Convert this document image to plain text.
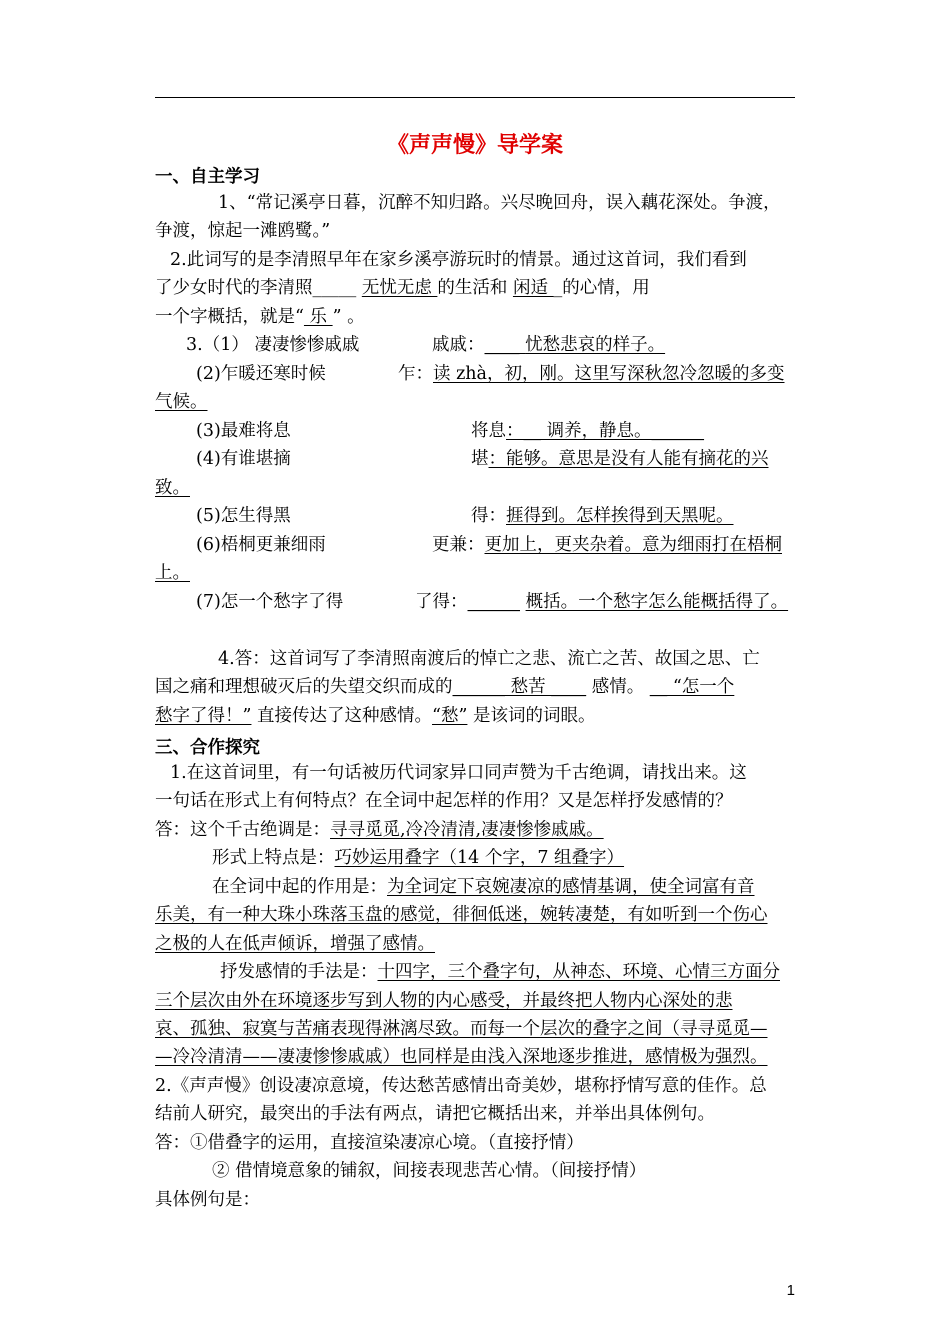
《声声慢》导学案
一、自主学习
1、“常记溪亭日暮，沉醉不知归路。兴尽晚回舟，误入藕花深处。争渡，
争渡，惊起一滩鸥鹭。”
2.此词写的是李清照早年在家乡溪亭游玩时的情景。通过这首词，我们看到
了少女时代的李清照_____ 无忧无虑 的生活和 闲适 _的心情，用
一个字概括，就是“ 乐 ” 。
3.（1） 凄凄惨惨戚戚	戚戚：____ 忧愁悲哀的样子。
(2)乍暖还寒时候	乍：读 zhà，初，刚。这里写深秋忽冷忽暖的多变
气候。
(3)最难将息	将息：__ 调养，静息。______
(4)有谁堪摘	堪：能够。意思是没有人能有摘花的兴
致。
(5)怎生得黑	得：捱得到。怎样挨得到天黑呢。
(6)梧桐更兼细雨	更兼：更加上，更夹杂着。意为细雨打在梧桐
上。
(7)怎一个愁字了得	了得：______ 概括。一个愁字怎么能概括得了。
4.答：这首词写了李清照南渡后的悼亡之悲、流亡之苦、故国之思、亡
国之痛和理想破灭后的失望交织而成的______ 愁苦 ____ 感情。 __ “怎一个
愁字了得！” 直接传达了这种感情。“愁” 是该词的词眼。
三、合作探究
1.在这首词里，有一句话被历代词家异口同声赞为千古绝调，请找出来。这
一句话在形式上有何特点？在全词中起怎样的作用？又是怎样抒发感情的？
答：这个千古绝调是：寻寻觅觅,冷冷清清,凄凄惨惨戚戚。
形式上特点是：巧妙运用叠字（14 个字，7 组叠字）
在全词中起的作用是：为全词定下哀婉凄凉的感情基调，使全词富有音
乐美，有一种大珠小珠落玉盘的感觉，徘徊低迷，婉转凄楚，有如听到一个伤心
之极的人在低声倾诉，增强了感情。
抒发感情的手法是：十四字，三个叠字句，从神态、环境、心情三方面分
三个层次由外在环境逐步写到人物的内心感受，并最终把人物内心深处的悲
哀、孤独、寂寞与苦痛表现得淋漓尽致。而每一个层次的叠字之间（寻寻觅觅—
—冷冷清清——凄凄惨惨戚戚）也同样是由浅入深地逐步推进，感情极为强烈。
2.《声声慢》创设凄凉意境，传达愁苦感情出奇美妙，堪称抒情写意的佳作。总
结前人研究，最突出的手法有两点，请把它概括出来，并举出具体例句。
答：①借叠字的运用，直接渲染凄凉心境。（直接抒情）
② 借情境意象的铺叙，间接表现悲苦心情。（间接抒情）
具体例句是：
1
